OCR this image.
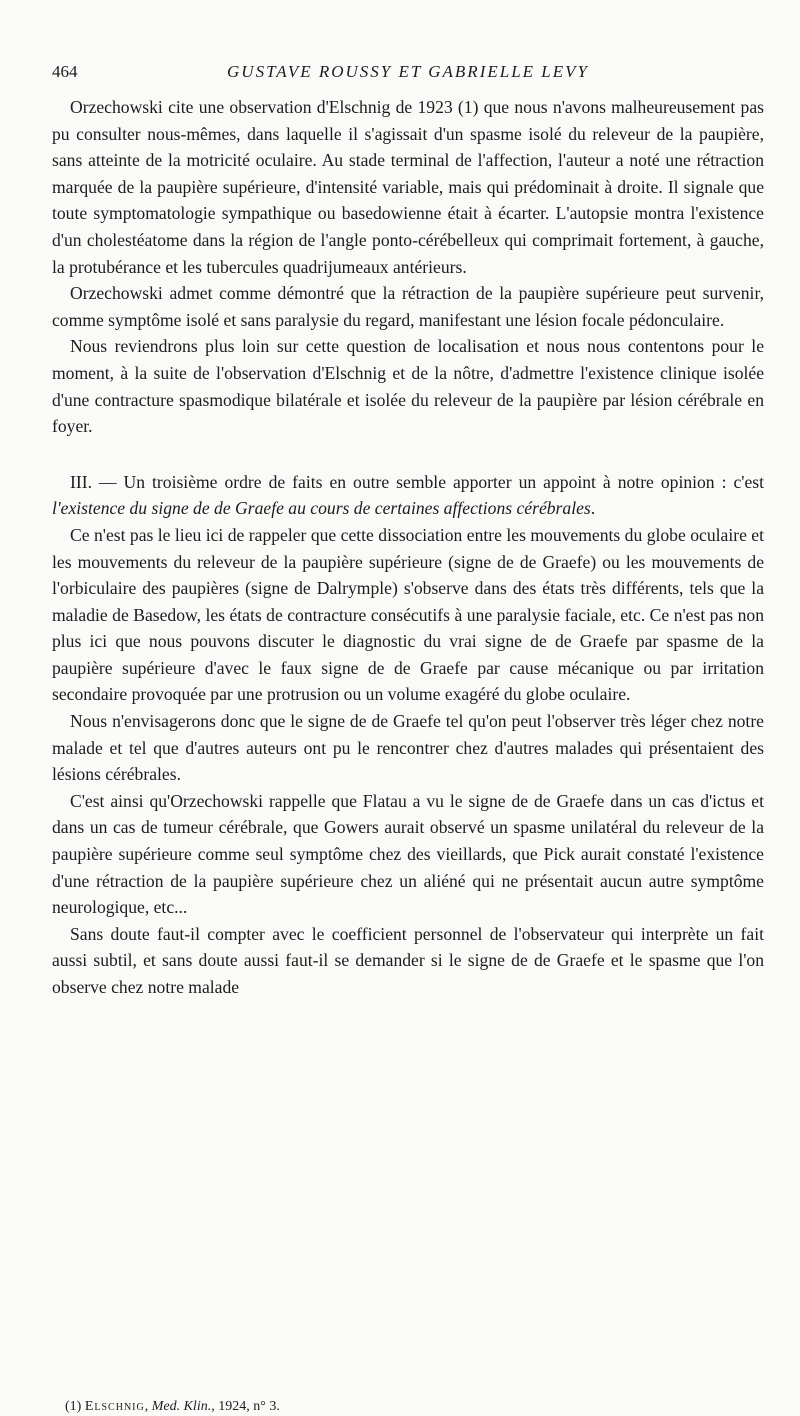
464	GUSTAVE ROUSSY ET GABRIELLE LEVY

Orzechowski cite une observation d'Elschnig de 1923 (1) que nous n'avons malheureusement pas pu consulter nous-mêmes, dans laquelle il s'agissait d'un spasme isolé du releveur de la paupière, sans atteinte de la motricité oculaire. Au stade terminal de l'affection, l'auteur a noté une rétraction marquée de la paupière supérieure, d'intensité variable, mais qui prédominait à droite. Il signale que toute symptomatologie sympathique ou basedowienne était à écarter. L'autopsie montra l'existence d'un cholestéatome dans la région de l'angle ponto-cérébelleux qui comprimait fortement, à gauche, la protubérance et les tubercules quadrijumeaux antérieurs.

Orzechowski admet comme démontré que la rétraction de la paupière supérieure peut survenir, comme symptôme isolé et sans paralysie du regard, manifestant une lésion focale pédonculaire.

Nous reviendrons plus loin sur cette question de localisation et nous nous contentons pour le moment, à la suite de l'observation d'Elschnig et de la nôtre, d'admettre l'existence clinique isolée d'une contracture spasmodique bilatérale et isolée du releveur de la paupière par lésion cérébrale en foyer.

III. — Un troisième ordre de faits en outre semble apporter un appoint à notre opinion : c'est l'existence du signe de de Graefe au cours de certaines affections cérébrales.

Ce n'est pas le lieu ici de rappeler que cette dissociation entre les mouvements du globe oculaire et les mouvements du releveur de la paupière supérieure (signe de de Graefe) ou les mouvements de l'orbiculaire des paupières (signe de Dalrymple) s'observe dans des états très différents, tels que la maladie de Basedow, les états de contracture consécutifs à une paralysie faciale, etc. Ce n'est pas non plus ici que nous pouvons discuter le diagnostic du vrai signe de de Graefe par spasme de la paupière supérieure d'avec le faux signe de de Graefe par cause mécanique ou par irritation secondaire provoquée par une protrusion ou un volume exagéré du globe oculaire.

Nous n'envisagerons donc que le signe de de Graefe tel qu'on peut l'observer très léger chez notre malade et tel que d'autres auteurs ont pu le rencontrer chez d'autres malades qui présentaient des lésions cérébrales.

C'est ainsi qu'Orzechowski rappelle que Flatau a vu le signe de de Graefe dans un cas d'ictus et dans un cas de tumeur cérébrale, que Gowers aurait observé un spasme unilatéral du releveur de la paupière supérieure comme seul symptôme chez des vieillards, que Pick aurait constaté l'existence d'une rétraction de la paupière supérieure chez un aliéné qui ne présentait aucun autre symptôme neurologique, etc...

Sans doute faut-il compter avec le coefficient personnel de l'observateur qui interprète un fait aussi subtil, et sans doute aussi faut-il se demander si le signe de de Graefe et le spasme que l'on observe chez notre malade

(1) Elschnig, Med. Klin., 1924, n° 3.
